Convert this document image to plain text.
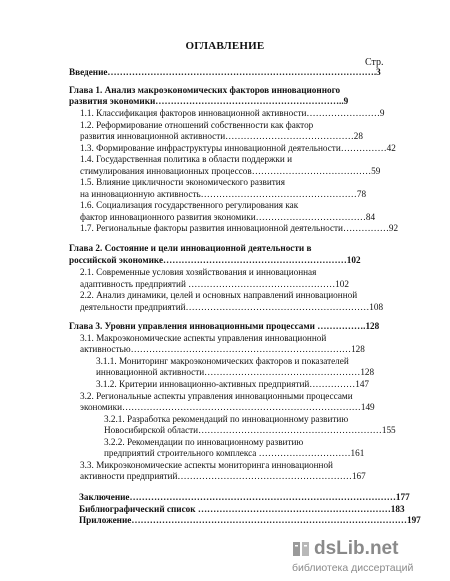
ОГЛАВЛЕНИЕ
Стр.
Введение…………………………………………………………………………….3
Глава 1. Анализ макроэкономических факторов инновационного
развития экономики……………………………………………………..9
1.1. Классификация факторов инновационной активности……………………9
1.2. Реформирование отношений собственности как фактор
развития инновационной активности……………………………………28
1.3. Формирование инфраструктуры инновационной деятельности……………42
1.4. Государственная политика в области поддержки и
стимулирования инновационных процессов…………………………………59
1.5. Влияние цикличности экономического развития
на инновационную активность……………………………………………78
1.6. Социализация государственного регулирования как
фактор инновационного развития экономики………………………………84
1.7. Региональные факторы развития инновационной деятельности……………92
Глава 2. Состояние и цели инновационной деятельности в
российской экономике……………………………………………………102
2.1. Современные условия хозяйствования и инновационная
адаптивность предприятий …………………………………………102
2.2. Анализ динамики, целей и основных направлений инновационной
деятельности предприятий……………………………………………………108
Глава 3. Уровни управления инновационными процессами …………….128
3.1. Макроэкономические аспекты управления инновационной
активностью………………………………………………………………128
3.1.1. Мониторинг макроэкономических факторов и показателей
инновационной активности……………………………………………128
3.1.2. Критерии инновационно-активных предприятий……………147
3.2. Региональные аспекты управления инновационными процессами
экономики……………………………………………………………………149
3.2.1. Разработка рекомендаций по инновационному развитию
Новосибирской области……………………………………………………155
3.2.2. Рекомендации по инновационному развитию
предприятий строительного комплекса …………………………161
3.3. Микроэкономические аспекты мониторинга инновационной
активности предприятий…………………………………………………167
Заключение……………………………………………………………………………177
Библиографический список ………………………………………………………183
Приложение………………………………………………………………………………197
dsLib.net
библиотека диссертаций
